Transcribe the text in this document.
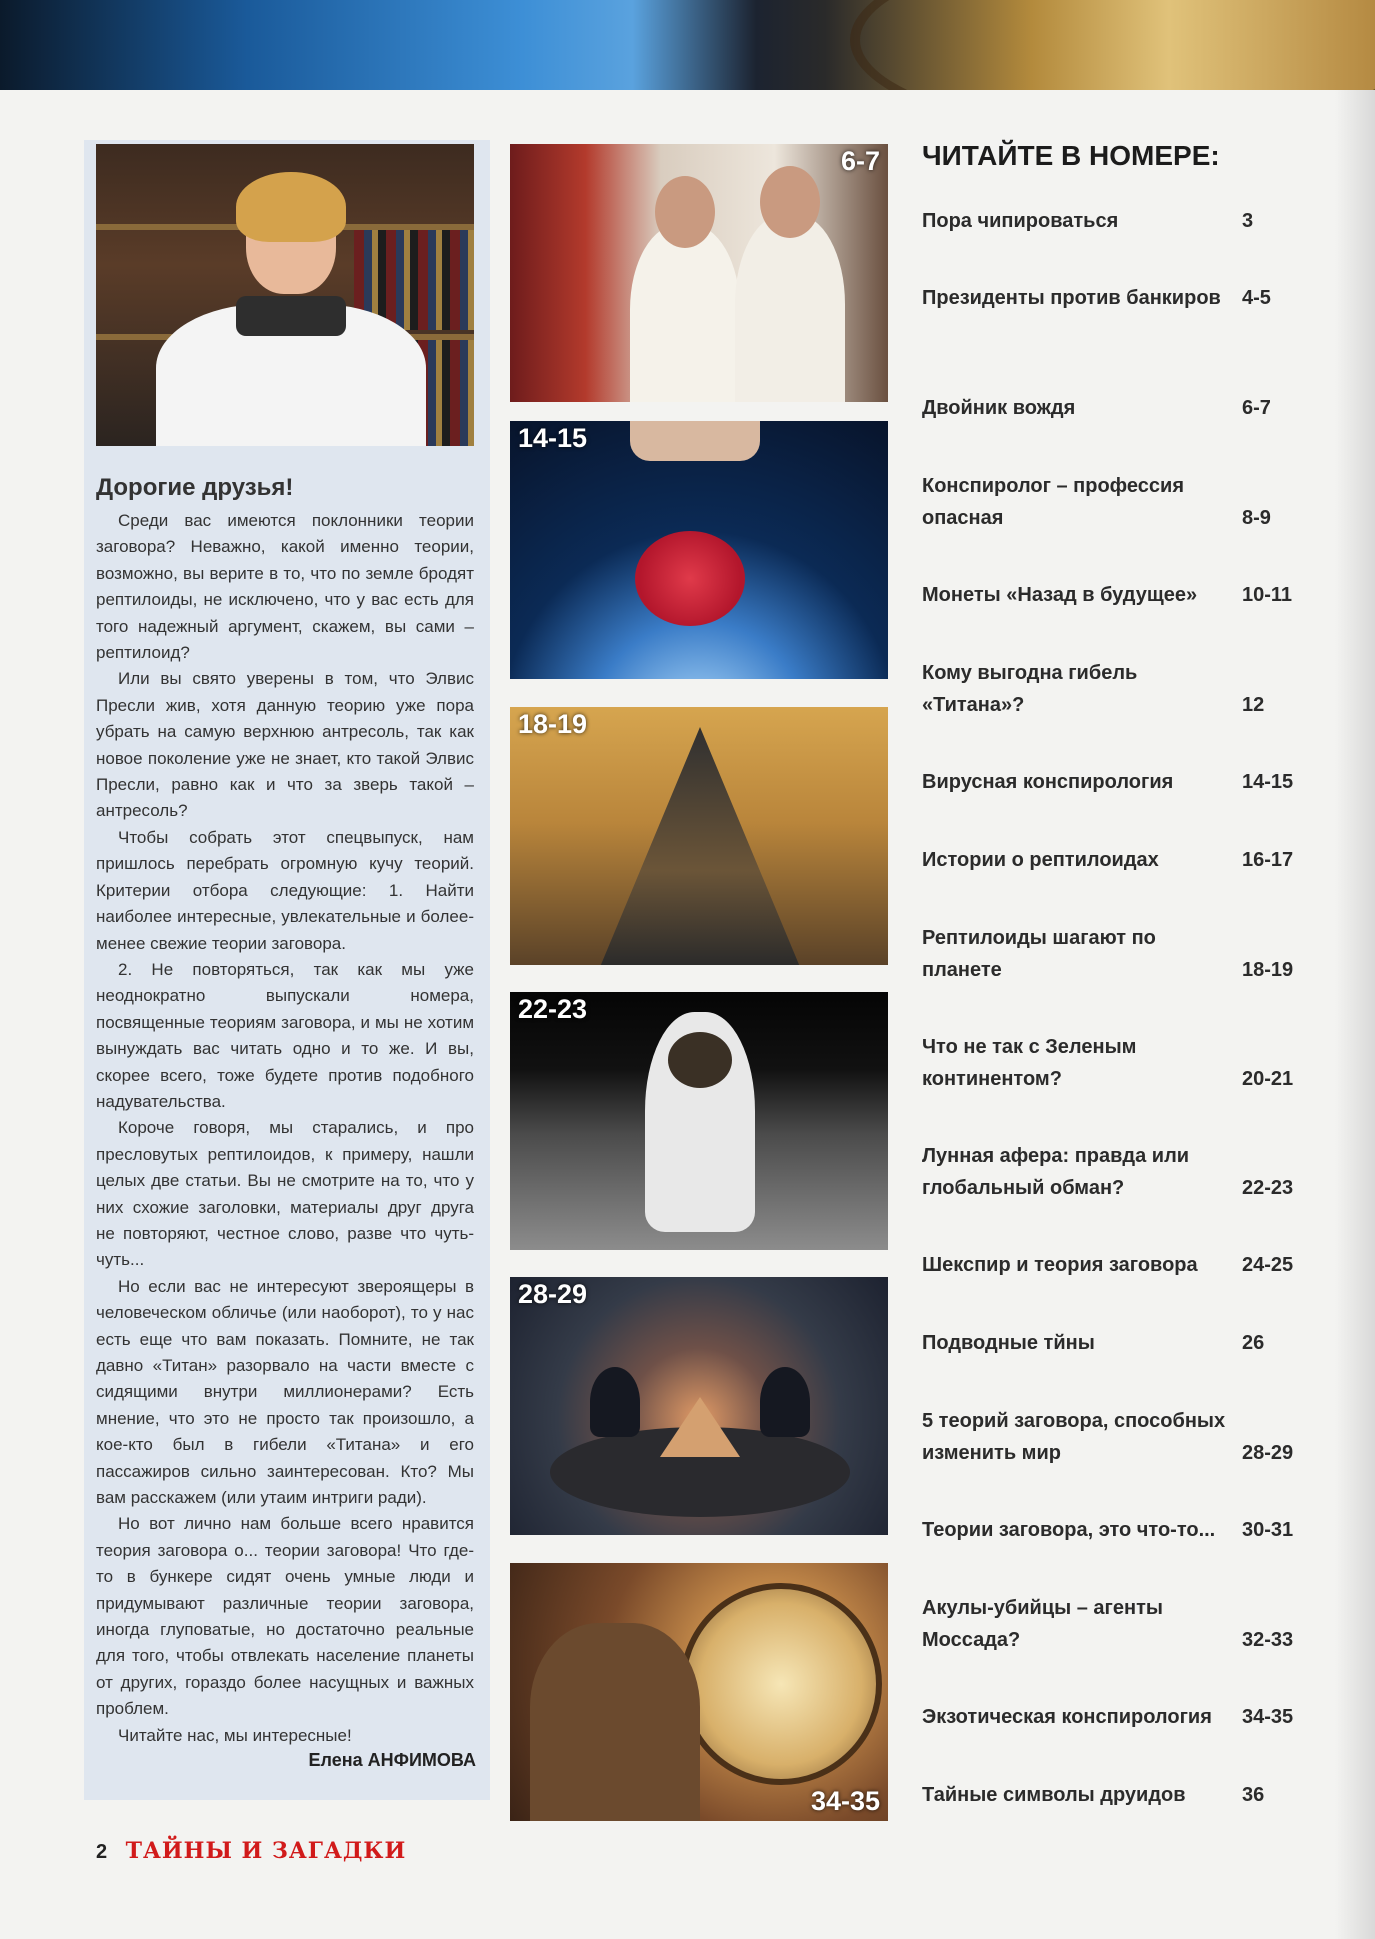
Дорогие друзья!

Среди вас имеются поклонники теории заговора? Неважно, какой именно теории, возможно, вы верите в то, что по земле бродят рептилоиды, не исключено, что у вас есть для того надежный аргумент, скажем, вы сами – рептилоид?

Или вы свято уверены в том, что Элвис Пресли жив, хотя данную теорию уже пора убрать на самую верхнюю антресоль, так как новое поколение уже не знает, кто такой Элвис Пресли, равно как и что за зверь такой – антресоль?

Чтобы собрать этот спецвыпуск, нам пришлось перебрать огромную кучу теорий. Критерии отбора следующие: 1. Найти наиболее интересные, увлекательные и более-менее свежие теории заговора.

2. Не повторяться, так как мы уже неоднократно выпускали номера, посвященные теориям заговора, и мы не хотим вынуждать вас читать одно и то же. И вы, скорее всего, тоже будете против подобного надувательства.

Короче говоря, мы старались, и про пресловутых рептилоидов, к примеру, нашли целых две статьи. Вы не смотрите на то, что у них схожие заголовки, материалы друг друга не повторяют, честное слово, разве что чуть-чуть...

Но если вас не интересуют звероящеры в человеческом обличье (или наоборот), то у нас есть еще что вам показать. Помните, не так давно «Титан» разорвало на части вместе с сидящими внутри миллионерами? Есть мнение, что это не просто так произошло, а кое-кто был в гибели «Титана» и его пассажиров сильно заинтересован. Кто? Мы вам расскажем (или утаим интриги ради).

Но вот лично нам больше всего нравится теория заговора о... теории заговора! Что где-то в бункере сидят очень умные люди и придумывают различные теории заговора, иногда глуповатые, но достаточно реальные для того, чтобы отвлекать население планеты от других, гораздо более насущных и важных проблем.

Читайте нас, мы интересные!

Елена АНФИМОВА
6-7
14-15
18-19
22-23
28-29
34-35
ЧИТАЙТЕ В НОМЕРЕ:
Пора чипироваться	3
Президенты против банкиров	4-5
Двойник вождя	6-7
Конспиролог – профессия опасная	8-9
Монеты «Назад в будущее»	10-11
Кому выгодна гибель «Титана»?	12
Вирусная конспирология	14-15
Истории о рептилоидах	16-17
Рептилоиды шагают по планете	18-19
Что не так с Зеленым континентом?	20-21
Лунная афера: правда или глобальный обман?	22-23
Шекспир и теория заговора	24-25
Подводные тйны	26
5 теорий заговора, способных изменить мир	28-29
Теории заговора, это что-то...	30-31
Акулы-убийцы – агенты Моссада?	32-33
Экзотическая конспирология	34-35
Тайные символы друидов	36
2 ТАЙНЫ И ЗАГАДКИ
